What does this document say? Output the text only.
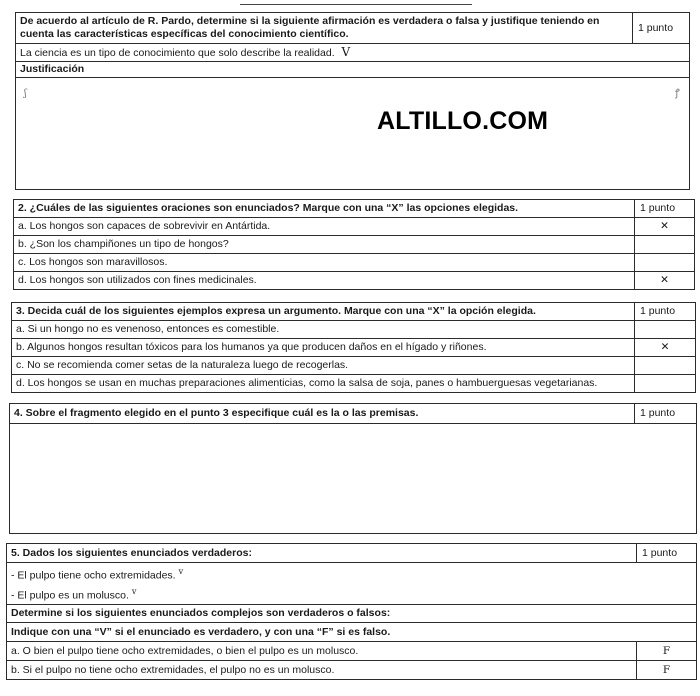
De acuerdo al artículo de R. Pardo, determine si la siguiente afirmación es verdadera o falsa y justifique teniendo en cuenta las características específicas del conocimiento científico.	1 punto
La ciencia es un tipo de conocimiento que solo describe la realidad. V
Justificación

ALTILLO.COM
ʃ	ꝭ
2. ¿Cuáles de las siguientes oraciones son enunciados? Marque con una “X” las opciones elegidas.	1 punto
a. Los hongos son capaces de sobrevivir en Antártida.	✕
b. ¿Son los champiñones un tipo de hongos?	
c. Los hongos son maravillosos.	
d. Los hongos son utilizados con fines medicinales.	✕
3. Decida cuál de los siguientes ejemplos expresa un argumento. Marque con una “X” la opción elegida.	1 punto
a. Si un hongo no es venenoso, entonces es comestible.	
b. Algunos hongos resultan tóxicos para los humanos ya que producen daños en el hígado y riñones.	✕
c. No se recomienda comer setas de la naturaleza luego de recogerlas.	
d. Los hongos se usan en muchas preparaciones alimenticias, como la salsa de soja, panes o hambuerguesas vegetarianas.	
4. Sobre el fragmento elegido en el punto 3 especifique cuál es la o las premisas.	1 punto

5. Dados los siguientes enunciados verdaderos:	1 punto

- El pulpo tiene ocho extremidades. $^v$
- El pulpo es un molusco. $^v$

Determine si los siguientes enunciados complejos son verdaderos o falsos:	
Indique con una “V” si el enunciado es verdadero, y con una “F” si es falso.	
a. O bien el pulpo tiene ocho extremidades, o bien el pulpo es un molusco.	F
b. Si el pulpo no tiene ocho extremidades, el pulpo no es un molusco.	F
